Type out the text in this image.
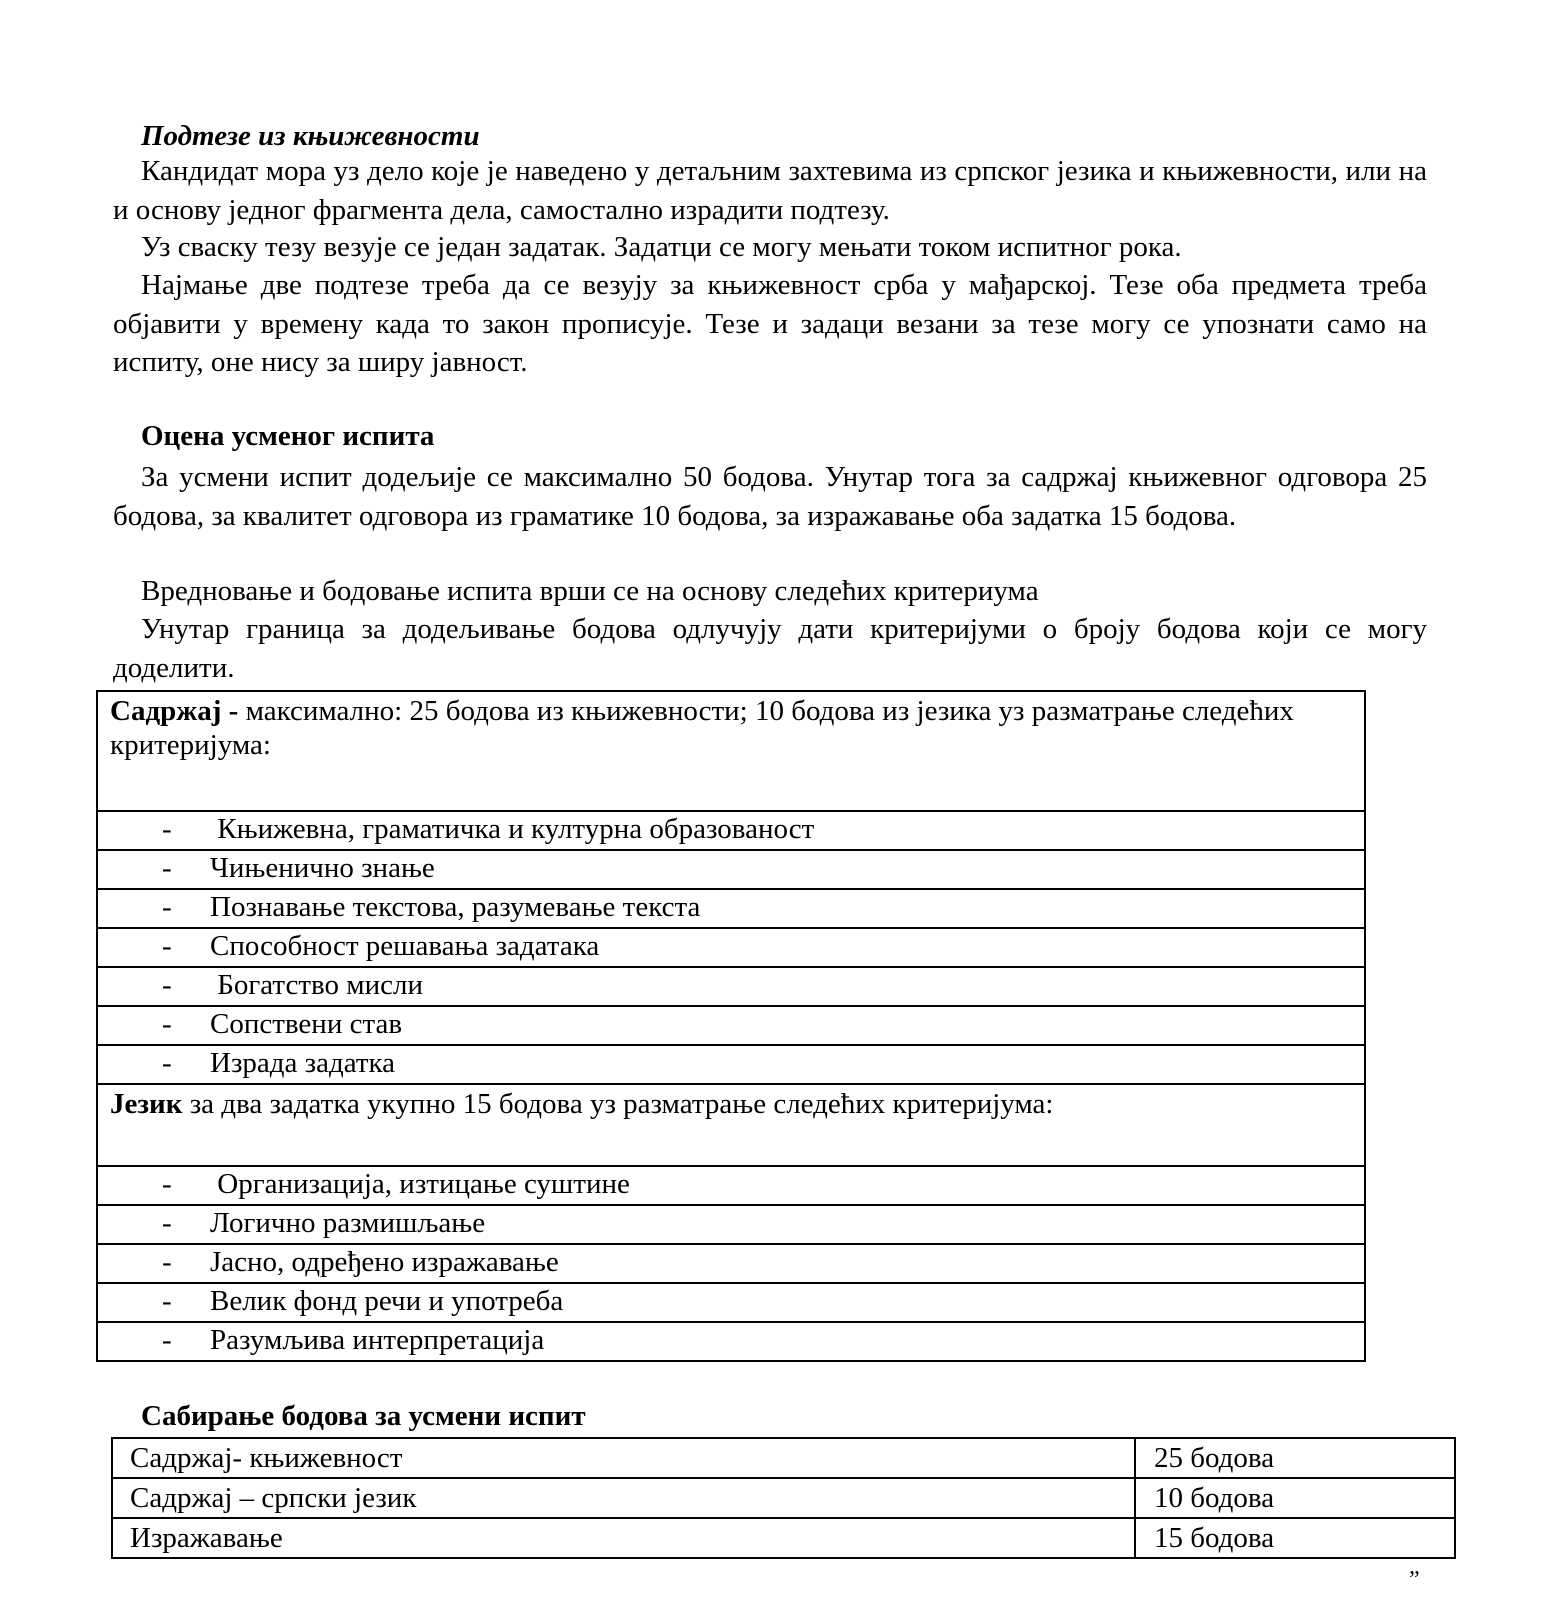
Подтезе из књижевности

Кандидат мора уз дело које је наведено у детаљним захтевима из српског језика и књижевности, или на и основу једног фрагмента дела, самостално израдити подтезу.

Уз сваску тезу везује се један задатак. Задатци се могу мењати током испитног рока.

Најмање две подтезе треба да се везују за књижевност срба у мађарској. Тезе оба предмета треба објавити у времену када то закон прописује. Тезе и задаци везани за тезе могу се упознати само на испиту, оне нису за ширу јавност.

Оцена усменог испита

За усмени испит додељије се максимално 50 бодова. Унутар тога за садржај књижевног одговора 25 бодова, за квалитет одговора из граматике 10 бодова, за изражавање оба задатка 15 бодова.

Вредновање и бодовање испита врши се на основу следећих критериума

Унутар граница за додељивање бодова одлучују дати критеријуми о броју бодова који се могу доделити.

Садржај - максимално: 25 бодова из књижевности; 10 бодова из језика уз разматрање следећих критеријума:
- Књижевна, граматичка и културна образованост
- Чињенично знање
- Познавање текстова, разумевање текста
- Способност решавања задатака
- Богатство мисли
- Сопствени став
- Израда задатка
Језик за два задатка укупно 15 бодова уз разматрање следећих критеријума:
- Организација, изтицање суштине
- Логично размишљање
- Јасно, одређено изражавање
- Велик фонд речи и употреба
- Разумљива интерпретација
Сабирање бодова за усмени испит
Садржај- књижевност	25 бодова
Садржај – српски језик	10 бодова
Изражавање	15 бодова
”
